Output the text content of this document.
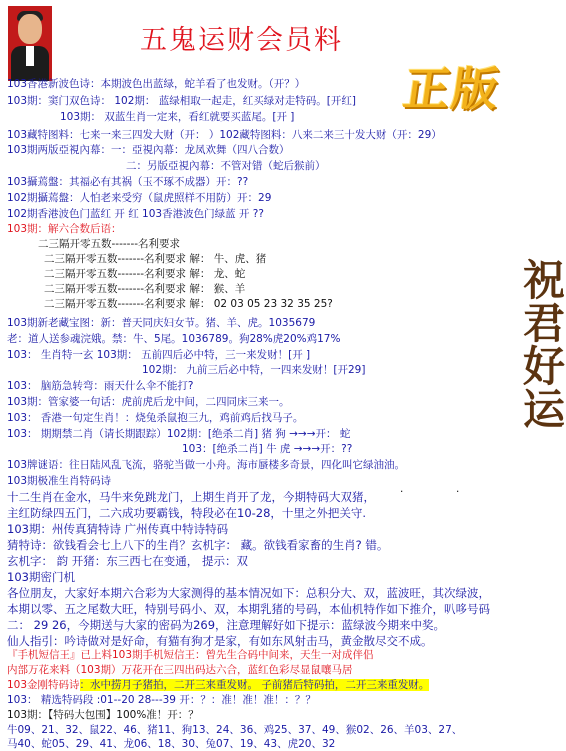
五鬼运财会员料
正版
祝君好运
103香港新波色诗：本期波色出蓝绿，蛇羊看了也发财。（开？）
103期：窦门双色诗： 102期： 蓝绿相取一起走，红买绿对走特码。[开红]
103期： 双蓝生肖一定来，看红就要买蓝尾。[开 ]
103藏特图料：七来一来三四发大财（开： ）102藏特图料：八来二来三十发大财（开：29）
103期两版亞視內幕：一：亞視內幕：龙凤欢舞（四八合数）
二：另版亞視內幕：不管对错（蛇后猴前）
103攝蔫盤：其福必有其祸（玉不琢不成器）开：??
102期攝蔫盤：人怕老来受穷（鼠虎照样不用防）开：29
102期香港波色门蓝红 开 红 103香港波色门绿蓝 开 ??
103期：解六合数后语：
二三隔开零五数-------名利要求
二三隔开零五数-------名利要求 解： 牛、虎、猪
二三隔开零五数-------名利要求 解： 龙、蛇
二三隔开零五数-------名利要求 解： 猴、羊
二三隔开零五数-------名利要求 解： 02 03 05 23 32 35 25?
103期新老藏宝图：新：普天同庆妇女节。猪、羊、虎。1035679
老：道人送参魂浣娥。禁：牛、5尾。1036789。狗28%虎20%鸡17%
103： 生肖特一玄 103期： 五前四后必中特，三一来发财！[开 ]
102期： 九前三后必中特，一四来发财！[开29]
103： 脑筋急转弯：雨天什么伞不能打?
103期：管家婆一句话：虎前虎后龙中间，二四同床三来一。
103： 香港一句定生肖！：烧兔杀鼠抱三九，鸡前鸡后找马子。
103： 期期禁二肖（请长期跟踪）102期：[绝杀二肖] 猪 狗 →→→开： 蛇
103：[绝杀二肖] 牛 虎 →→→开：??
103牌谜语：往日陆风乱飞流，骆驼当做一小舟。海市蜃楼多奇景，四化叫它绿油油。
103期极准生肖特码诗
·	·
十二生肖在金水，马牛来免跳龙门，上期生肖开了龙，今期特码大双猪，
主红防绿四五门，二六成功要霸钱，特段必在10-28，十里之外把关守.
103期：州传真猜特诗 广州传真中特诗特码
猜特诗：欲钱看会七上八下的生肖？玄机字： 藏。欲钱看家畜的生肖? 错。
玄机字： 韵 开猪：东三西七在变通， 提示：双
103期密门机
各位朋友，大家好本期六合彩为大家测得的基本情况如下：总积分大、双，蓝波旺，其次绿波，
本期以零、五之尾数大旺，特别号码小、双，本期乳猪的号码，本仙机特作如下推介，叭哆号码
二： 29 26，今期送与大家的密码为269，注意理解好如下提示：蓝绿波今期来中奖。
仙人指引：吟诗做对是好命，有猫有狗才是家，有如东风射击马，黄金散尽交不成。
『手机短信王』已上料103期手机短信王：曾先生合码中间来，天生一对成伴侣
内部万花来料（103期）万花开在三四出码达六合，蓝红色彩尽显鼠嚷马居
103金刚特码诗：水中捞月子猪拍，二开三来重发财。 子前猪后特码拍，二开三来重发财。
103： 精选特码段 :01--20 28---39 开：？：准！准！准！：？？
103期：【特码大包围】100%准！开：？
牛09、21、32、鼠22、46、猪11、狗13、24、36、鸡25、37、49、猴02、26、羊03、27、
马40、蛇05、29、41、龙06、18、30、兔07、19、43、虎20、32
